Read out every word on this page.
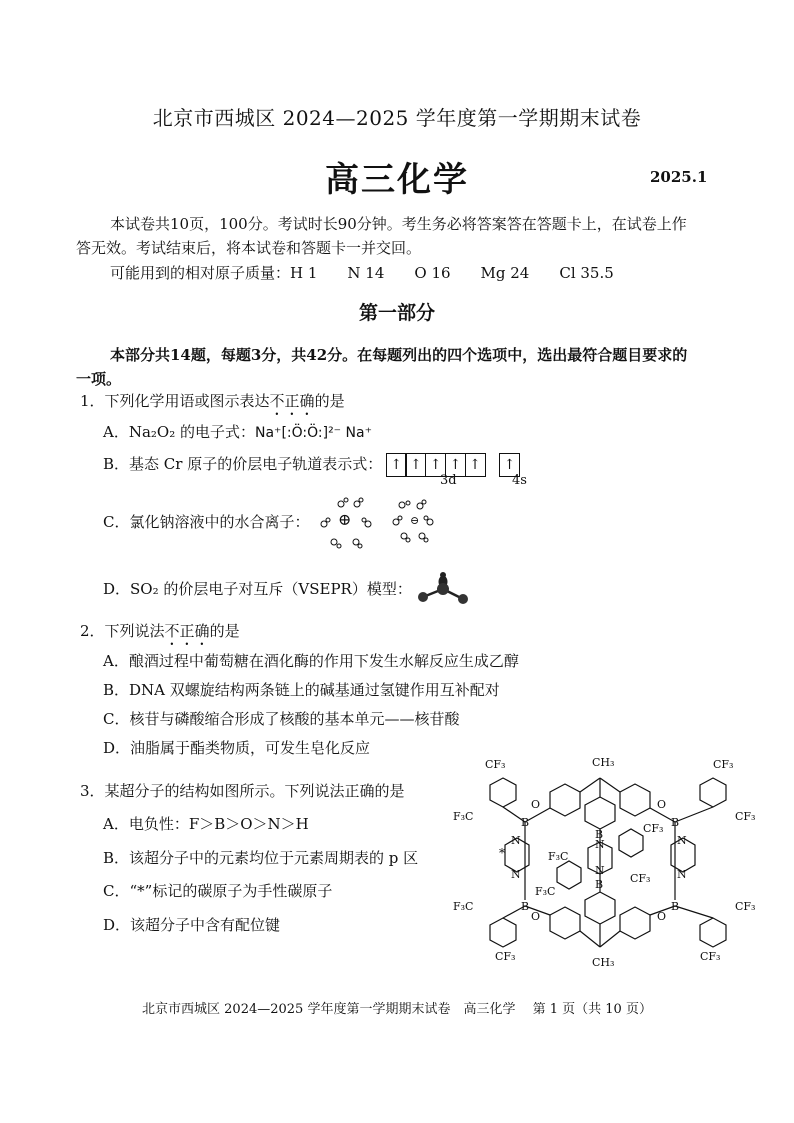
北京市西城区 2024—2025 学年度第一学期期末试卷
高三化学	2025.1
本试卷共10页，100分。考试时长90分钟。考生务必将答案答在答题卡上，在试卷上作
答无效。考试结束后，将本试卷和答题卡一并交回。
可能用到的相对原子质量：H 1　　N 14　　O 16　　Mg 24　　Cl 35.5
第一部分
本部分共14题，每题3分，共42分。在每题列出的四个选项中，选出最符合题目要求的
一项。
1．下列化学用语或图示表达不正确的是
A．Na₂O₂ 的电子式：Na⁺[:Ö:Ö:]²⁻ Na⁺
B．基态 Cr 原子的价层电子轨道表示式： ↑ ↑ ↑ ↑ ↑
	↑
3d	4s
C．氯化钠溶液中的水合离子： ⊕	⊖
D．SO₂ 的价层电子对互斥（VSEPR）模型：
2．下列说法不正确的是
A．酿酒过程中葡萄糖在酒化酶的作用下发生水解反应生成乙醇
B．DNA 双螺旋结构两条链上的碱基通过氢键作用互补配对
C．核苷与磷酸缩合形成了核酸的基本单元——核苷酸
D．油脂属于酯类物质，可发生皂化反应
3．某超分子的结构如图所示。下列说法正确的是
A．电负性：F＞B＞O＞N＞H
B．该超分子中的元素均位于元素周期表的 p 区
C．“*”标记的碳原子为手性碳原子
D．该超分子中含有配位键
CF₃	CF₃
F₃C	CF₃
F₃C	CF₃
CF₃	CF₃
CF₃
F₃C
CF₃
F₃C
CH₃
CH₃
B	B
B	B
B
B
O	O
O	O
N
N
N
N
N
N
*
北京市西城区 2024—2025 学年度第一学期期末试卷　高三化学　 第 1 页（共 10 页）
